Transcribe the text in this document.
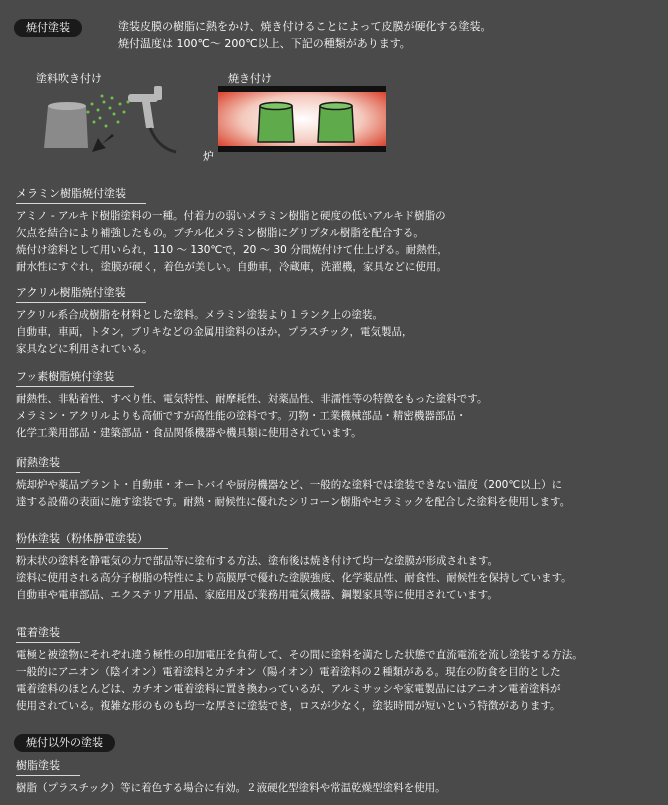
焼付塗装	塗装皮膜の樹脂に熱をかけ、焼き付けることによって皮膜が硬化する塗装。
焼付温度は 100℃～ 200℃以上、下記の種類があります。
塗料吹き付け	焼き付け
炉
メラミン樹脂焼付塗装
アミノ - アルキド樹脂塗料の一種。付着力の弱いメラミン樹脂と硬度の低いアルキド樹脂の
欠点を結合により補強したもの。ブチル化メラミン樹脂にグリプタル樹脂を配合する。
焼付け塗料として用いられ，110 ～ 130℃で，20 ～ 30 分間焼付けて仕上げる。耐熱性，
耐水性にすぐれ，塗膜が硬く，着色が美しい。自動車，冷蔵庫，洗濯機，家具などに使用。
アクリル樹脂焼付塗装
アクリル系合成樹脂を材料とした塗料。メラミン塗装より１ランク上の塗装。
自動車，車両，トタン，ブリキなどの金属用塗料のほか，プラスチック，電気製品，
家具などに利用されている。
フッ素樹脂焼付塗装
耐熱性、非粘着性、すべり性、電気特性、耐摩耗性、対薬品性、非濡性等の特徴をもった塗料です。
メラミン・アクリルよりも高価ですが高性能の塗料です。刃物・工業機械部品・精密機器部品・
化学工業用部品・建築部品・食品関係機器や機具類に使用されています。
耐熱塗装
焼却炉や薬品プラント・自動車・オートバイや厨房機器など、一般的な塗料では塗装できない温度（200℃以上）に
達する設備の表面に施す塗装です。耐熱・耐候性に優れたシリコーン樹脂やセラミックを配合した塗料を使用します。
粉体塗装（粉体静電塗装）
粉末状の塗料を静電気の力で部品等に塗布する方法、塗布後は焼き付けて均一な塗膜が形成されます。
塗料に使用される高分子樹脂の特性により高膜厚で優れた塗膜強度、化学薬品性、耐食性、耐候性を保持しています。
自動車や電車部品、エクステリア用品、家庭用及び業務用電気機器、鋼製家具等に使用されています。
電着塗装
電極と被塗物にそれぞれ違う極性の印加電圧を負荷して、その間に塗料を満たした状態で直流電流を流し塗装する方法。
一般的にアニオン（陰イオン）電着塗料とカチオン（陽イオン）電着塗料の２種類がある。現在の防食を目的とした
電着塗料のほとんどは、カチオン電着塗料に置き換わっているが、アルミサッシや家電製品にはアニオン電着塗料が
使用されている。複雑な形のものも均一な厚さに塗装でき，ロスが少なく，塗装時間が短いという特徴があります。
焼付以外の塗装
樹脂塗装
樹脂（プラスチック）等に着色する場合に有効。２液硬化型塗料や常温乾燥型塗料を使用。
